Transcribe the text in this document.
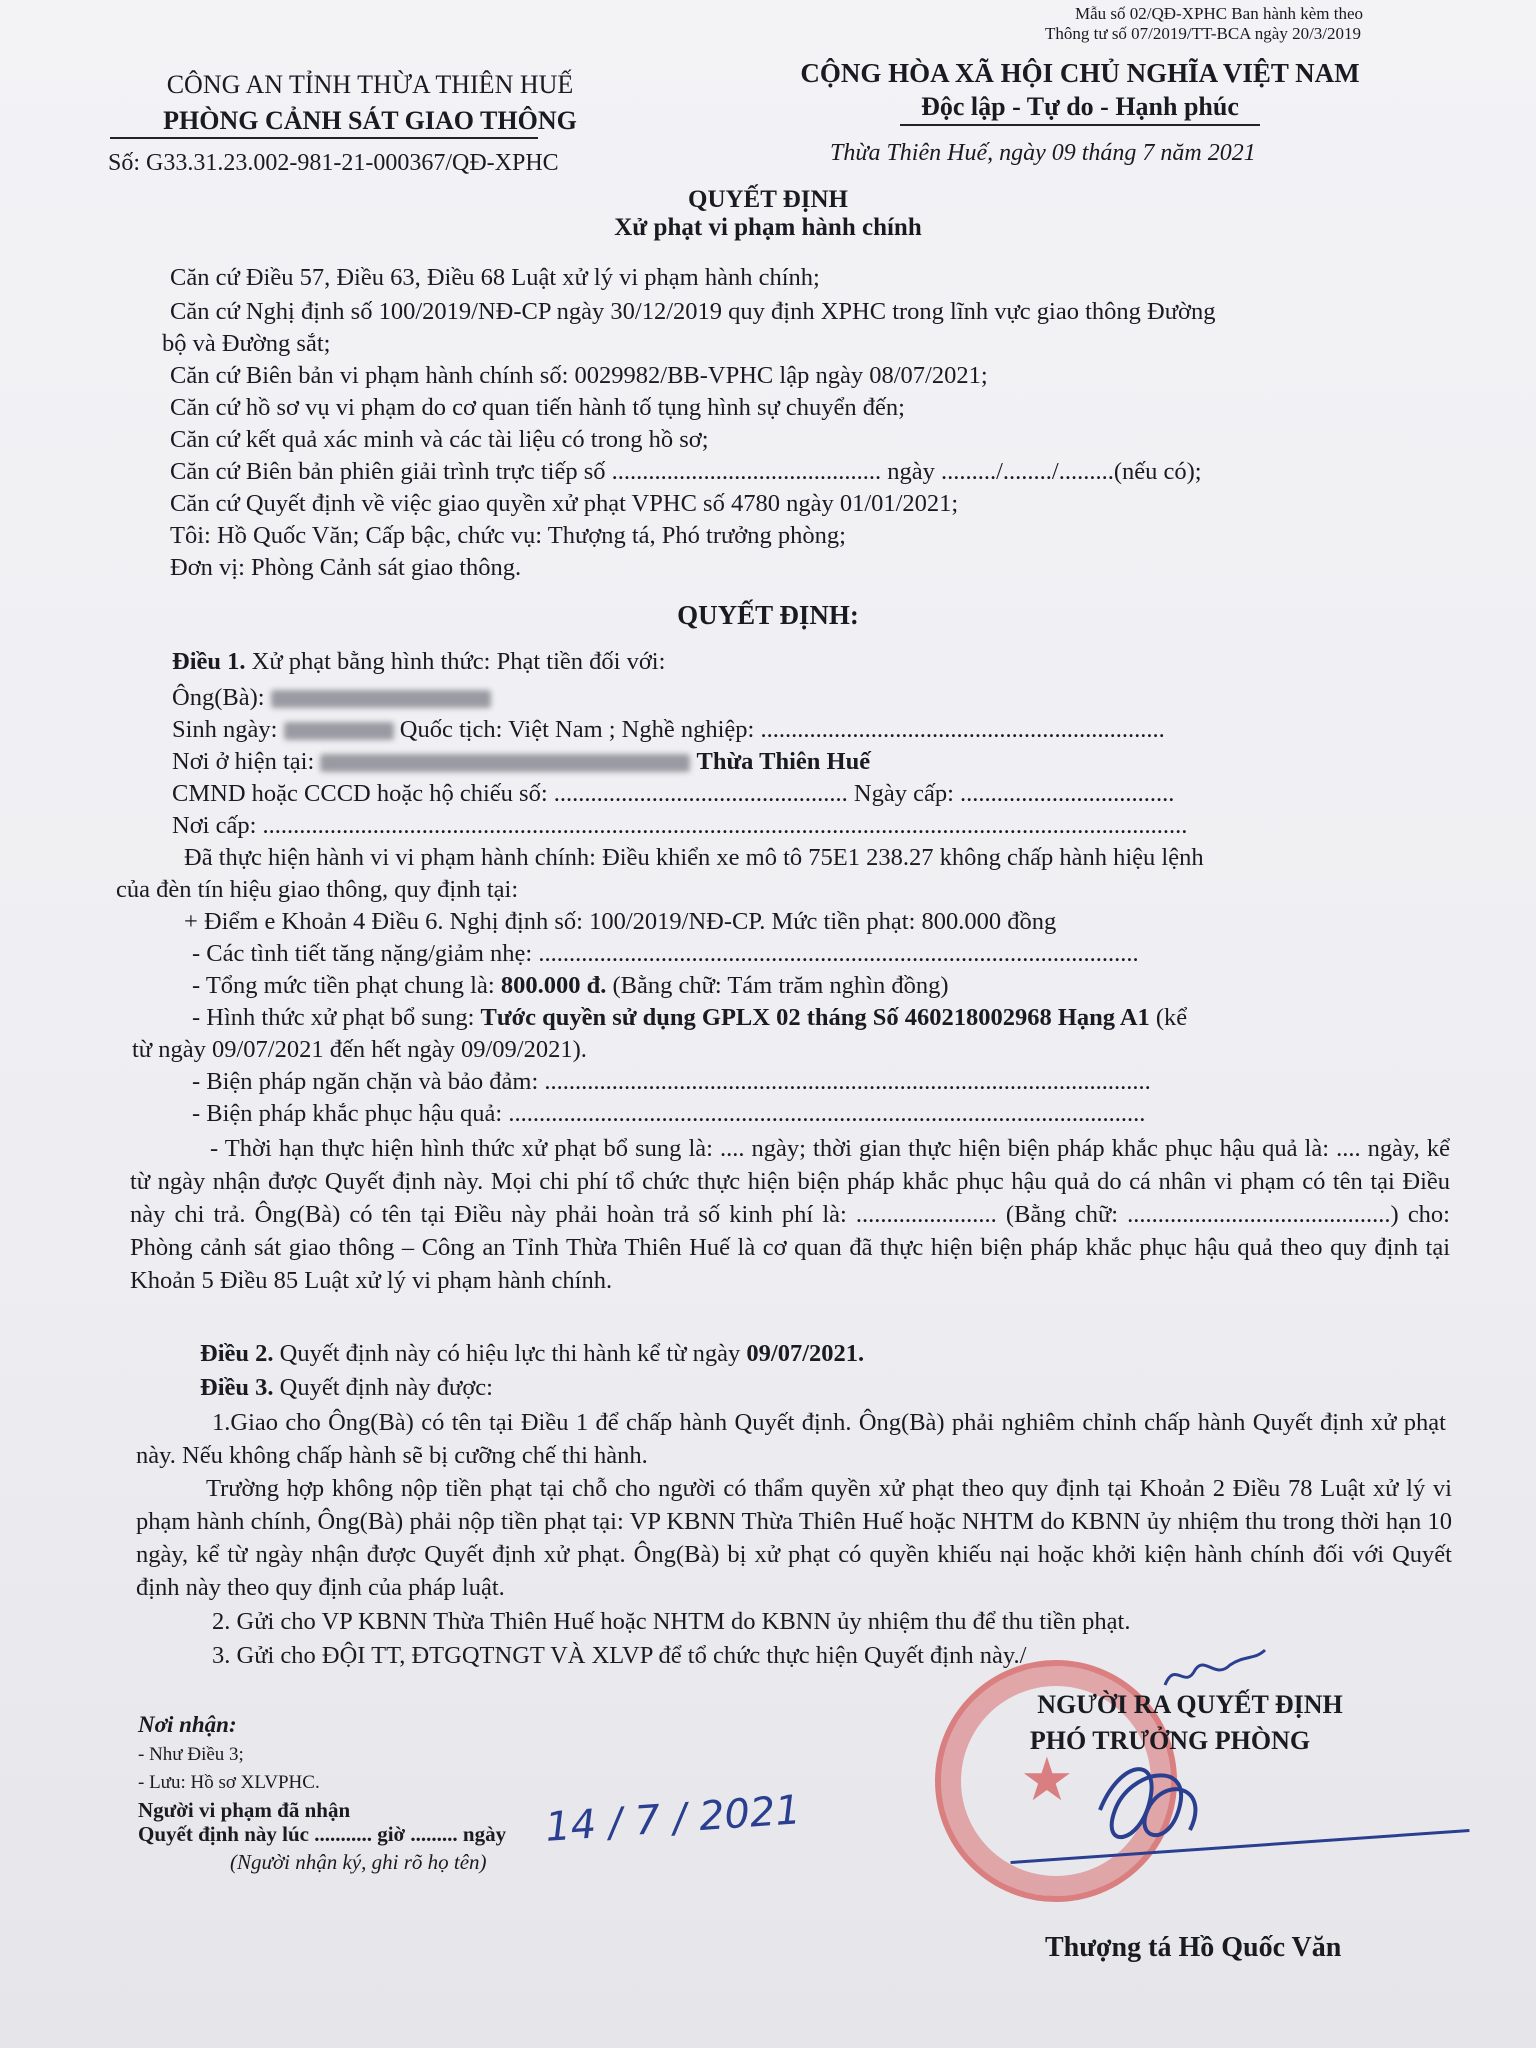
Mẫu số 02/QĐ-XPHC Ban hành kèm theo
Thông tư số 07/2019/TT-BCA ngày 20/3/2019
CÔNG AN TỈNH THỪA THIÊN HUẾ
PHÒNG CẢNH SÁT GIAO THÔNG
Số: G33.31.23.002-981-21-000367/QĐ-XPHC
CỘNG HÒA XÃ HỘI CHỦ NGHĨA VIỆT NAM
Độc lập - Tự do - Hạnh phúc
Thừa Thiên Huế, ngày 09 tháng 7 năm 2021
QUYẾT ĐỊNH
Xử phạt vi phạm hành chính
Căn cứ Điều 57, Điều 63, Điều 68 Luật xử lý vi phạm hành chính;
Căn cứ Nghị định số 100/2019/NĐ-CP ngày 30/12/2019 quy định XPHC trong lĩnh vực giao thông Đường
bộ và Đường sắt;
Căn cứ Biên bản vi phạm hành chính số: 0029982/BB-VPHC lập ngày 08/07/2021;
Căn cứ hồ sơ vụ vi phạm do cơ quan tiến hành tố tụng hình sự chuyển đến;
Căn cứ kết quả xác minh và các tài liệu có trong hồ sơ;
Căn cứ Biên bản phiên giải trình trực tiếp số ............................................ ngày ........./......../.........(nếu có);
Căn cứ Quyết định về việc giao quyền xử phạt VPHC số 4780 ngày 01/01/2021;
Tôi: Hồ Quốc Văn; Cấp bậc, chức vụ: Thượng tá, Phó trưởng phòng;
Đơn vị: Phòng Cảnh sát giao thông.
QUYẾT ĐỊNH:
Điều 1. Xử phạt bằng hình thức: Phạt tiền đối với:
Ông(Bà):
Sinh ngày:	Quốc tịch: Việt Nam ; Nghề nghiệp: ..................................................................
Nơi ở hiện tại:	Thừa Thiên Huế
CMND hoặc CCCD hoặc hộ chiếu số: ................................................ Ngày cấp: ...................................
Nơi cấp: .......................................................................................................................................................
Đã thực hiện hành vi vi phạm hành chính: Điều khiển xe mô tô 75E1 238.27 không chấp hành hiệu lệnh
của đèn tín hiệu giao thông, quy định tại:
+ Điểm e Khoản 4 Điều 6. Nghị định số: 100/2019/NĐ-CP. Mức tiền phạt: 800.000 đồng
- Các tình tiết tăng nặng/giảm nhẹ: ..................................................................................................
- Tổng mức tiền phạt chung là: 800.000 đ. (Bằng chữ: Tám trăm nghìn đồng)
- Hình thức xử phạt bổ sung: Tước quyền sử dụng GPLX 02 tháng Số 460218002968 Hạng A1 (kể
từ ngày 09/07/2021 đến hết ngày 09/09/2021).
- Biện pháp ngăn chặn và bảo đảm: ...................................................................................................
- Biện pháp khắc phục hậu quả: ........................................................................................................
- Thời hạn thực hiện hình thức xử phạt bổ sung là: .... ngày; thời gian thực hiện biện pháp khắc phục hậu quả là: .... ngày, kể từ ngày nhận được Quyết định này. Mọi chi phí tổ chức thực hiện biện pháp khắc phục hậu quả do cá nhân vi phạm có tên tại Điều này chi trả. Ông(Bà) có tên tại Điều này phải hoàn trả số kinh phí là: ....................... (Bằng chữ: ...........................................) cho: Phòng cảnh sát giao thông – Công an Tỉnh Thừa Thiên Huế là cơ quan đã thực hiện biện pháp khắc phục hậu quả theo quy định tại Khoản 5 Điều 85 Luật xử lý vi phạm hành chính.
Điều 2. Quyết định này có hiệu lực thi hành kể từ ngày 09/07/2021.
Điều 3. Quyết định này được:
1.Giao cho Ông(Bà) có tên tại Điều 1 để chấp hành Quyết định. Ông(Bà) phải nghiêm chỉnh chấp hành Quyết định xử phạt này. Nếu không chấp hành sẽ bị cưỡng chế thi hành.
Trường hợp không nộp tiền phạt tại chỗ cho người có thẩm quyền xử phạt theo quy định tại Khoản 2 Điều 78 Luật xử lý vi phạm hành chính, Ông(Bà) phải nộp tiền phạt tại: VP KBNN Thừa Thiên Huế hoặc NHTM do KBNN ủy nhiệm thu trong thời hạn 10 ngày, kể từ ngày nhận được Quyết định xử phạt. Ông(Bà) bị xử phạt có quyền khiếu nại hoặc khởi kiện hành chính đối với Quyết định này theo quy định của pháp luật.
2. Gửi cho VP KBNN Thừa Thiên Huế hoặc NHTM do KBNN ủy nhiệm thu để thu tiền phạt.
3. Gửi cho ĐỘI TT, ĐTGQTNGT VÀ XLVP để tổ chức thực hiện Quyết định này./
Nơi nhận:
- Như Điều 3;
- Lưu: Hồ sơ XLVPHC.
Người vi phạm đã nhận
Quyết định này lúc ........... giờ ......... ngày 14 / 7 / 2021
(Người nhận ký, ghi rõ họ tên)
★
NGƯỜI RA QUYẾT ĐỊNH
PHÓ TRƯỞNG PHÒNG
Thượng tá Hồ Quốc Văn
